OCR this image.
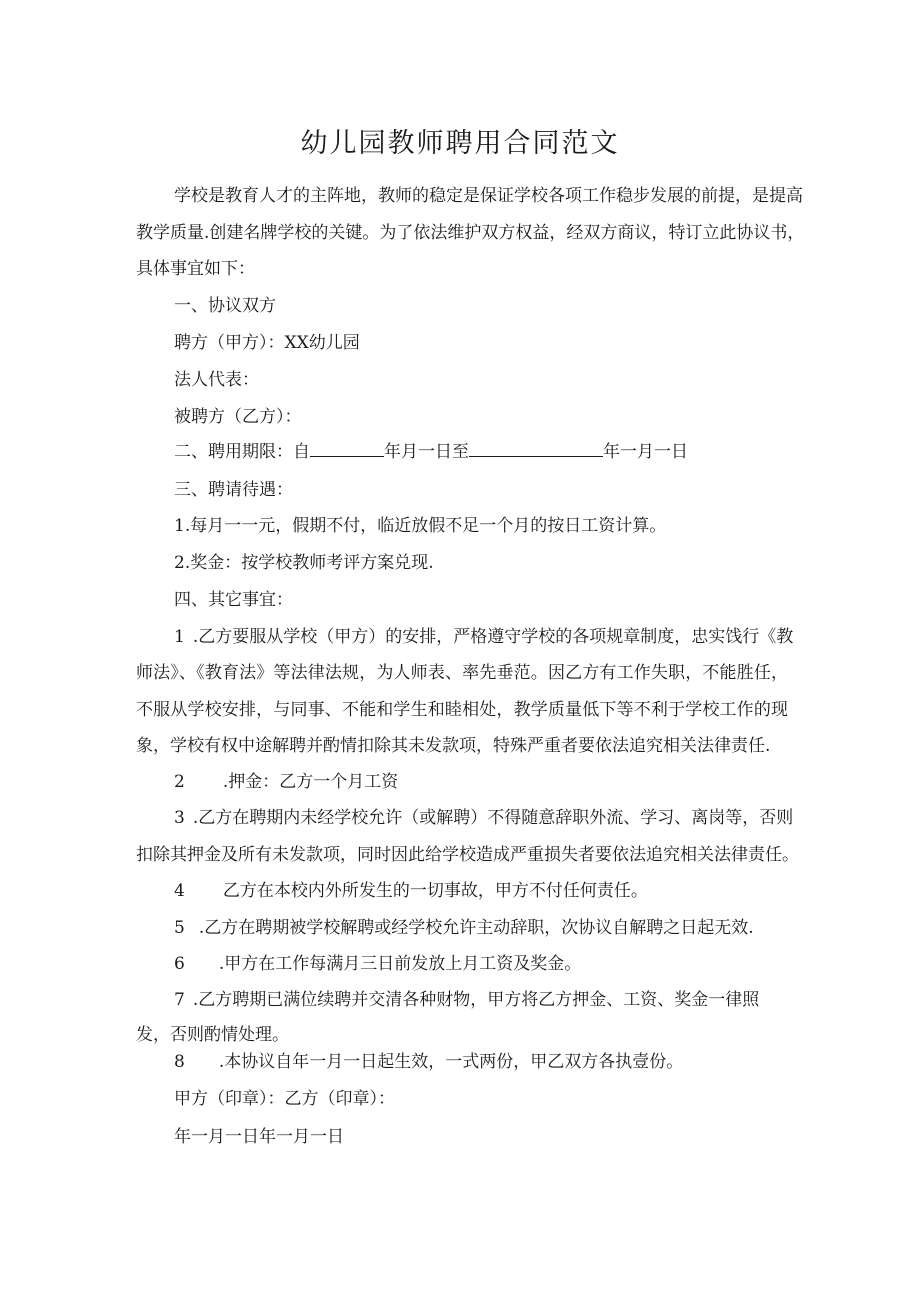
幼儿园教师聘用合同范文
学校是教育人才的主阵地，教师的稳定是保证学校各项工作稳步发展的前提，是提高
教学质量.创建名牌学校的关键。为了依法维护双方权益，经双方商议，特订立此协议书，
具体事宜如下：
一、协议双方
聘方（甲方）：XX幼儿园
法人代表：
被聘方（乙方）：
二、聘用期限：自	年月一日至	年一月一日
三、聘请待遇：
1.每月一一元，假期不付，临近放假不足一个月的按日工资计算。
2.奖金：按学校教师考评方案兑现.
四、其它事宜：
1 .乙方要服从学校（甲方）的安排，严格遵守学校的各项规章制度，忠实饯行《教
师法》、《教育法》等法律法规，为人师表、率先垂范。因乙方有工作失职，不能胜任，
不服从学校安排，与同事、不能和学生和睦相处，教学质量低下等不利于学校工作的现
象，学校有权中途解聘并酌情扣除其未发款项，特殊严重者要依法追究相关法律责任.
2 .押金：乙方一个月工资
3 .乙方在聘期内未经学校允许（或解聘）不得随意辞职外流、学习、离岗等，否则
扣除其押金及所有未发款项，同时因此给学校造成严重损失者要依法追究相关法律责任。
4 乙方在本校内外所发生的一切事故，甲方不付任何责任。
5 .乙方在聘期被学校解聘或经学校允许主动辞职，次协议自解聘之日起无效.
6 .甲方在工作每满月三日前发放上月工资及奖金。
7 .乙方聘期已满位续聘并交清各种财物，甲方将乙方押金、工资、奖金一律照
发，否则酌情处理。
8 .本协议自年一月一日起生效，一式两份，甲乙双方各执壹份。
甲方（印章）：乙方（印章）：
年一月一日年一月一日
